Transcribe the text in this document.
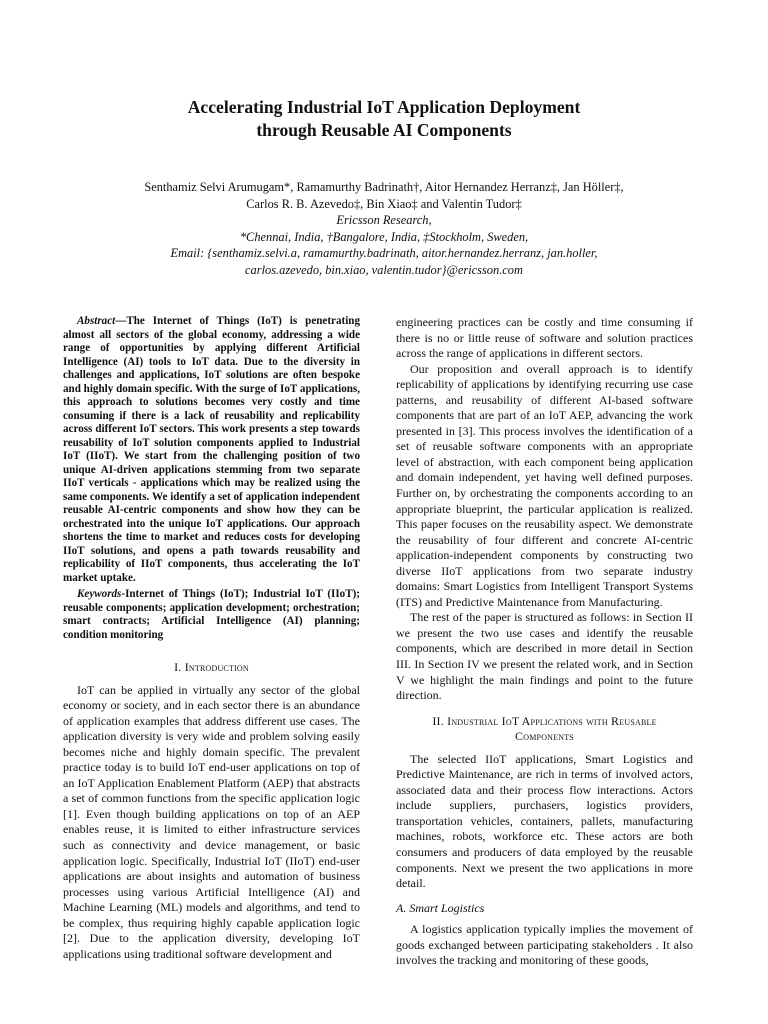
Accelerating Industrial IoT Application Deployment
through Reusable AI Components
Senthamiz Selvi Arumugam*, Ramamurthy Badrinath†, Aitor Hernandez Herranz‡, Jan Höller‡,
Carlos R. B. Azevedo‡, Bin Xiao‡ and Valentin Tudor‡
Ericsson Research,
*Chennai, India, †Bangalore, India, ‡Stockholm, Sweden,
Email: {senthamiz.selvi.a, ramamurthy.badrinath, aitor.hernandez.herranz, jan.holler,
carlos.azevedo, bin.xiao, valentin.tudor}@ericsson.com

Abstract—The Internet of Things (IoT) is penetrating almost all sectors of the global economy, addressing a wide range of opportunities by applying different Artificial Intelligence (AI) tools to IoT data. Due to the diversity in challenges and applications, IoT solutions are often bespoke and highly domain specific. With the surge of IoT applications, this approach to solutions becomes very costly and time consuming if there is a lack of reusability and replicability across different IoT sectors. This work presents a step towards reusability of IoT solution components applied to Industrial IoT (IIoT). We start from the challenging position of two unique AI-driven applications stemming from two separate IIoT verticals - applications which may be realized using the same components. We identify a set of application independent reusable AI-centric components and show how they can be orchestrated into the unique IoT applications. Our approach shortens the time to market and reduces costs for developing IIoT solutions, and opens a path towards reusability and replicability of IIoT components, thus accelerating the IoT market uptake.

Keywords-Internet of Things (IoT); Industrial IoT (IIoT); reusable components; application development; orchestration; smart contracts; Artificial Intelligence (AI) planning; condition monitoring

I. Introduction

IoT can be applied in virtually any sector of the global economy or society, and in each sector there is an abundance of application examples that address different use cases. The application diversity is very wide and problem solving easily becomes niche and highly domain specific. The prevalent practice today is to build IoT end-user applications on top of an IoT Application Enablement Platform (AEP) that abstracts a set of common functions from the specific application logic [1]. Even though building applications on top of an AEP enables reuse, it is limited to either infrastructure services such as connectivity and device management, or basic application logic. Specifically, Industrial IoT (IIoT) end-user applications are about insights and automation of business processes using various Artificial Intelligence (AI) and Machine Learning (ML) models and algorithms, and tend to be complex, thus requiring highly capable application logic [2]. Due to the application diversity, developing IoT applications using traditional software development and

engineering practices can be costly and time consuming if there is no or little reuse of software and solution practices across the range of applications in different sectors.

Our proposition and overall approach is to identify replicability of applications by identifying recurring use case patterns, and reusability of different AI-based software components that are part of an IoT AEP, advancing the work presented in [3]. This process involves the identification of a set of reusable software components with an appropriate level of abstraction, with each component being application and domain independent, yet having well defined purposes. Further on, by orchestrating the components according to an appropriate blueprint, the particular application is realized. This paper focuses on the reusability aspect. We demonstrate the reusability of four different and concrete AI-centric application-independent components by constructing two diverse IIoT applications from two separate industry domains: Smart Logistics from Intelligent Transport Systems (ITS) and Predictive Maintenance from Manufacturing.

The rest of the paper is structured as follows: in Section II we present the two use cases and identify the reusable components, which are described in more detail in Section III. In Section IV we present the related work, and in Section V we highlight the main findings and point to the future direction.

II. Industrial IoT Applications with Reusable
Components

The selected IIoT applications, Smart Logistics and Predictive Maintenance, are rich in terms of involved actors, associated data and their process flow interactions. Actors include suppliers, purchasers, logistics providers, transportation vehicles, containers, pallets, manufacturing machines, robots, workforce etc. These actors are both consumers and producers of data employed by the reusable components. Next we present the two applications in more detail.

A. Smart Logistics

A logistics application typically implies the movement of goods exchanged between participating stakeholders . It also involves the tracking and monitoring of these goods,
